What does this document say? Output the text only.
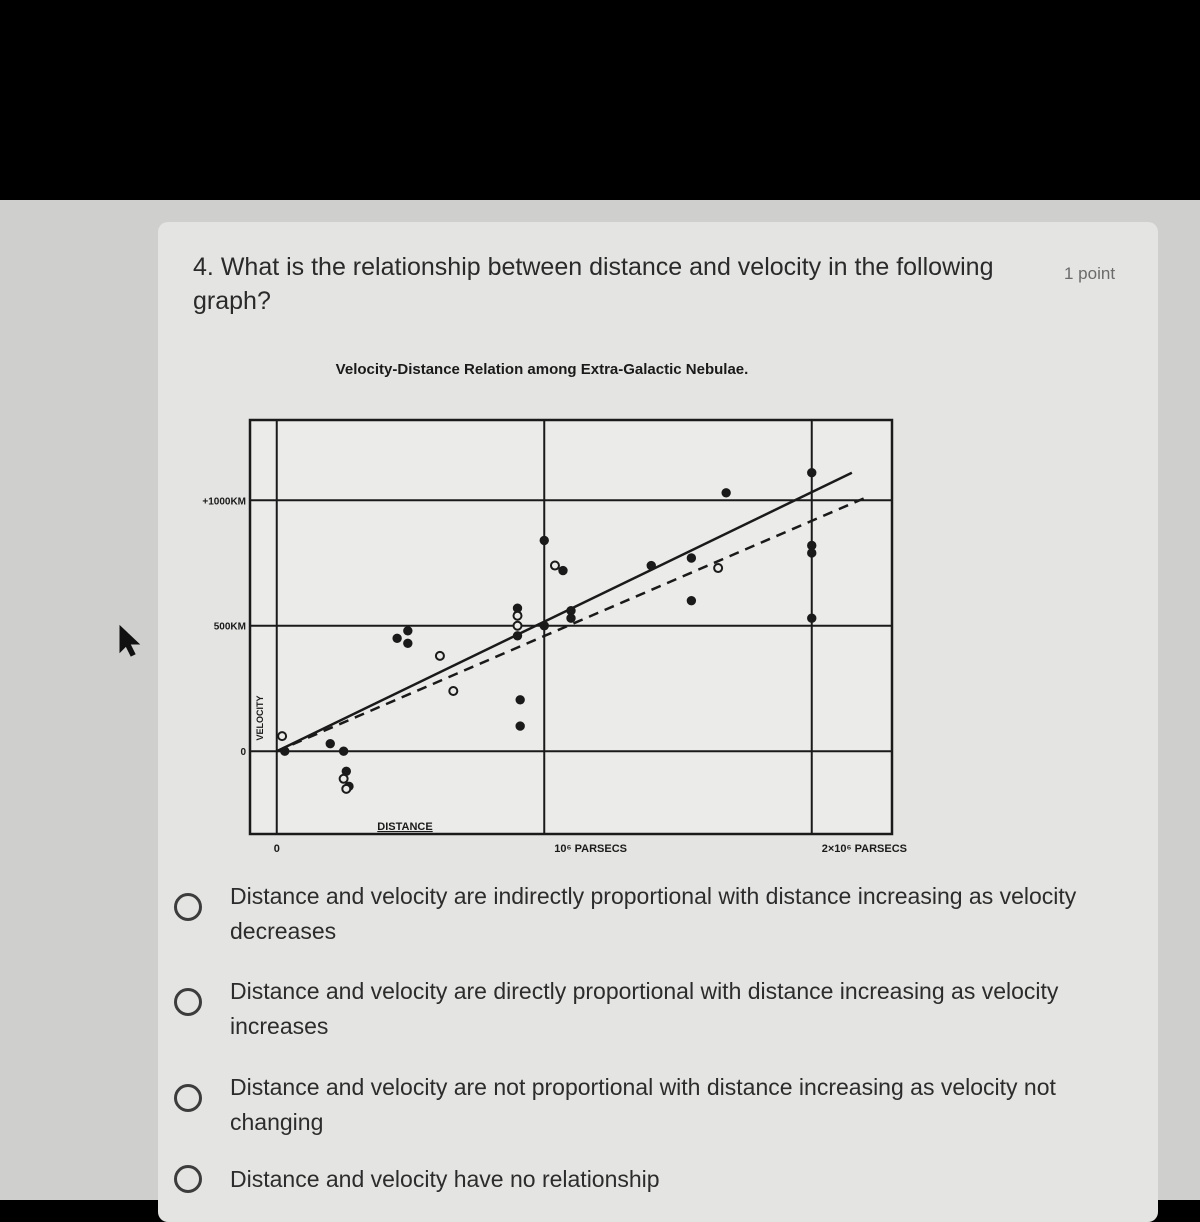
4. What is the relationship between distance and velocity in the following graph?
1 point
Velocity-Distance Relation among Extra-Galactic Nebulae.
0	10⁶ PARSECS	2×10⁶ PARSECS
0
500KM
+1000KM
VELOCITY
DISTANCE
Distance and velocity are indirectly proportional with distance increasing as velocity decreases
Distance and velocity are directly proportional with distance increasing as velocity increases
Distance and velocity are not proportional with distance increasing as velocity not changing
Distance and velocity have no relationship
